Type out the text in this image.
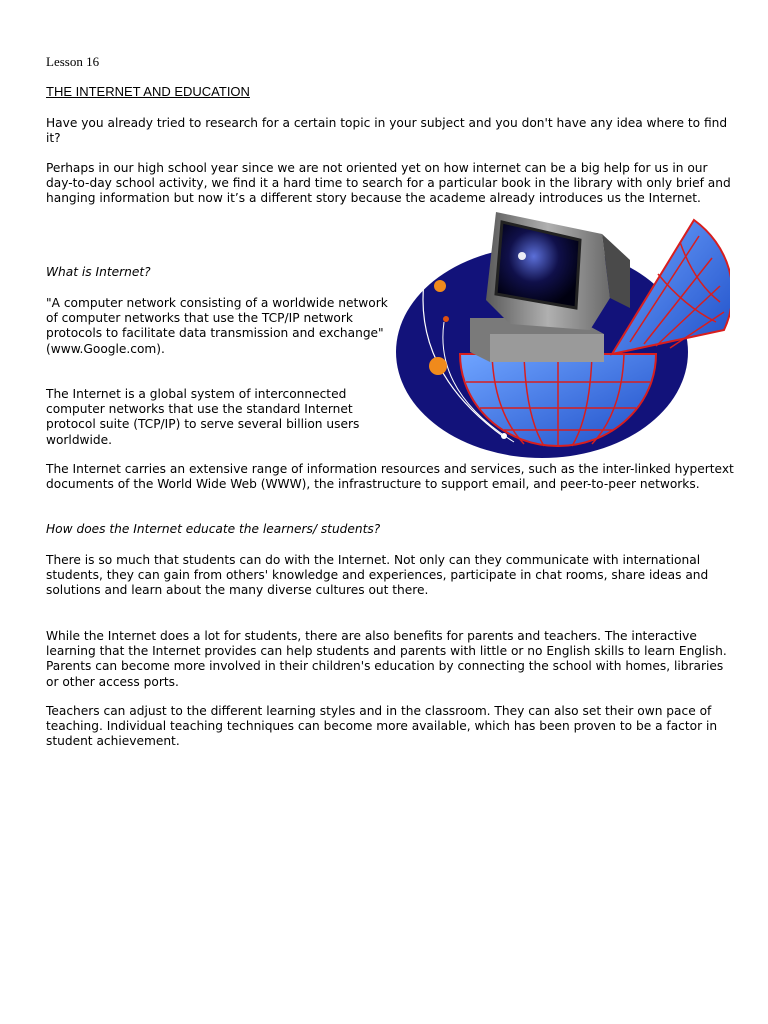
Lesson 16
THE INTERNET AND EDUCATION

Have you already tried to research for a certain topic in your subject and you don't have any idea where to find it?

Perhaps in our high school year since we are not oriented yet on how internet can be a big help for us in our day-to-day school activity, we find it a hard time to search for a particular book in the library with only brief and hanging information but now it’s a different story because the academe already introduces us the Internet.

What is Internet?

"A computer network consisting of a worldwide network of computer networks that use the TCP/IP network protocols to facilitate data transmission and exchange"(www.Google.com).

The Internet is a global system of interconnected computer networks that use the standard Internet protocol suite (TCP/IP) to serve several billion users worldwide.

The Internet carries an extensive range of information resources and services, such as the inter-linked hypertext documents of the World Wide Web (WWW), the infrastructure to support email, and peer-to-peer networks.

How does the Internet educate the learners/ students?

There is so much that students can do with the Internet. Not only can they communicate with international students, they can gain from others' knowledge and experiences, participate in chat rooms, share ideas and solutions and learn about the many diverse cultures out there.

While the Internet does a lot for students, there are also benefits for parents and teachers. The interactive learning that the Internet provides can help students and parents with little or no English skills to learn English. Parents can become more involved in their children's education by connecting the school with homes, libraries or other access ports.

Teachers can adjust to the different learning styles and in the classroom. They can also set their own pace of teaching. Individual teaching techniques can become more available, which has been proven to be a factor in student achievement.
